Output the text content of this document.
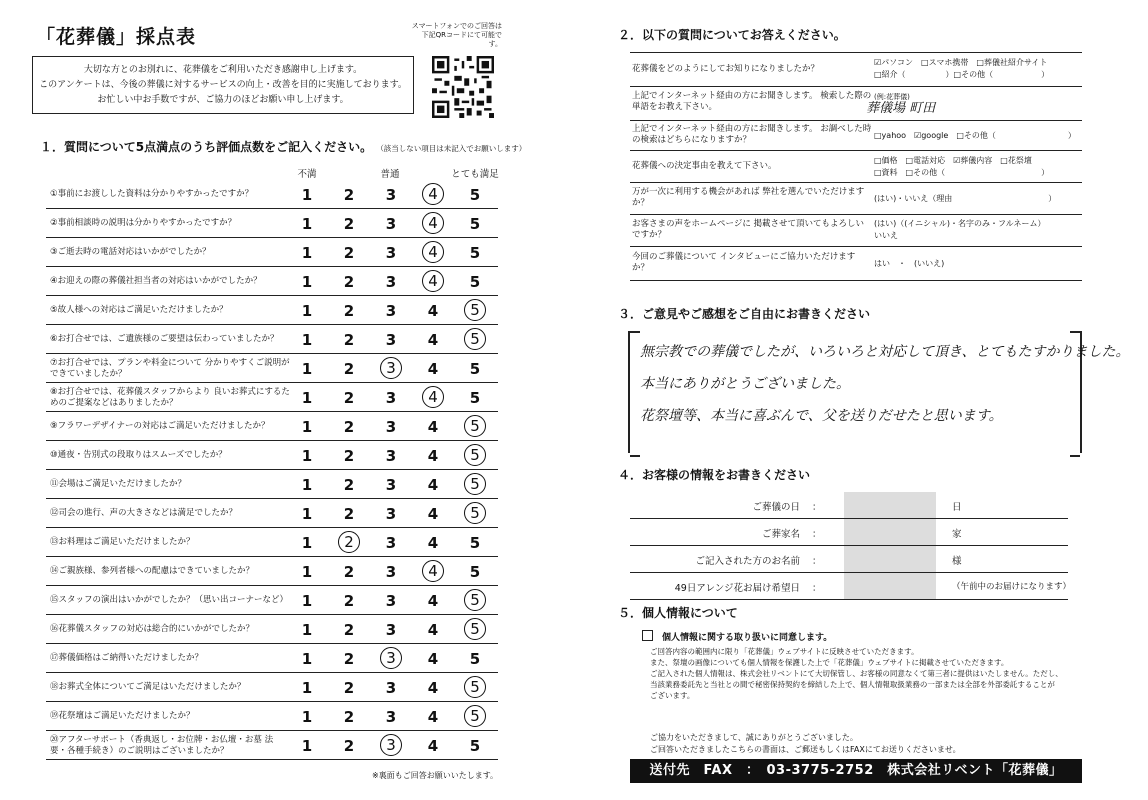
「花葬儀」採点表	スマートフォンでのご回答は下記QRコードにて可能です。
大切な方とのお別れに、花葬儀をご利用いただき感謝申し上げます。
このアンケートは、今後の葬儀に対するサービスの向上・改善を目的に実施しております。
お忙しい中お手数ですが、ご協力のほどお願い申し上げます。
１．質問について5点満点のうち評価点数をご記入ください。 （該当しない項目は未記入でお願いします）
不満	普通	とても満足
①事前にお渡しした資料は分かりやすかったですか？	1	2	3	4	5
②事前相談時の説明は分かりやすかったですか？	1	2	3	4	5
③ご逝去時の電話対応はいかがでしたか？	1	2	3	4	5
④お迎えの際の葬儀社担当者の対応はいかがでしたか？	1	2	3	4	5
⑤故人様への対応はご満足いただけましたか？	1	2	3	4	5
⑥お打合せでは、ご遺族様のご要望は伝わっていましたか？	1	2	3	4	5
⑦お打合せでは、プランや料金について 分かりやすくご説明ができていましたか？	1	2	3	4	5
⑧お打合せでは、花葬儀スタッフからより 良いお葬式にするためのご提案などはありましたか？	1	2	3	4	5
⑨フラワーデザイナーの対応はご満足いただけましたか？	1	2	3	4	5
⑩通夜・告別式の段取りはスムーズでしたか？	1	2	3	4	5
⑪会場はご満足いただけましたか？	1	2	3	4	5
⑫司会の進行、声の大きさなどは満足でしたか？	1	2	3	4	5
⑬お料理はご満足いただけましたか？	1	2	3	4	5
⑭ご親族様、参列者様への配慮はできていましたか？	1	2	3	4	5
⑮スタッフの演出はいかがでしたか？（思い出コーナーなど） 1	2	3	4	5
⑯花葬儀スタッフの対応は総合的にいかがでしたか？	1	2	3	4	5
⑰葬儀価格はご納得いただけましたか？	1	2	3	4	5
⑱お葬式全体についてご満足はいただけましたか？	1	2	3	4	5
⑲花祭壇はご満足いただけましたか？	1	2	3	4	5
⑳アフターサポート（香典返し・お位牌・お仏壇・お墓 法要・各種手続き）のご説明はございましたか？	1	2	3	4	5
※裏面もご回答お願いいたします。
２．以下の質問についてお答えください。
花葬儀をどのようにしてお知りになりましたか？
☑パソコン　□スマホ携帯　□葬儀社紹介サイト
□紹介（　　　　　）□その他（　　　　　　）
上記でインターネット経由の方にお聞きします。 検索した際の単語をお教え下さい。
(例:花葬儀)
葬儀場 町田
上記でインターネット経由の方にお聞きします。 お調べした時の検索はどちらになりますか？	□yahoo　☑google　□その他（　　　　　　　　　）
花葬儀への決定事由を教えて下さい。
□価格　□電話対応　☑葬儀内容　□花祭壇
□資料　□その他（　　　　　　　　　　　　）
万が一次に利用する機会があれば 弊社を選んでいただけますか？	(はい)・いいえ（理由　　　　　　　　　　　　）
お客さまの声をホームページに 掲載させて頂いてもよろしいですか？
(はい)（(イニシャル)・名字のみ・フルネーム）
いいえ
今回のご葬儀について インタビューにご協力いただけますか？	はい　・　(いいえ)
３．ご意見やご感想をご自由にお書きください
無宗教での葬儀でしたが、いろいろと対応して頂き、とてもたすかりました。
本当にありがとうございました。
花祭壇等、本当に喜ぶんで、父を送りだせたと思います。
４．お客様の情報をお書きください
ご葬儀の日 ：	日
ご葬家名 ：	家
ご記入された方のお名前 ：	様
49日アレンジ花お届け希望日 ：	（午前中のお届けになります）
５．個人情報について
個人情報に関する取り扱いに同意します。
ご回答内容の範囲内に限り「花葬儀」ウェブサイトに反映させていただきます。
また、祭壇の画像についても個人情報を保護した上で「花葬儀」ウェブサイトに掲載させていただきます。
ご記入された個人情報は、株式会社リベントにて大切保管し、お客様の同意なくて第三者に提供はいたしません。ただし、
当該業務委託先と当社との間で秘密保持契約を締結した上で、個人情報取扱業務の一部または全部を外部委託することが
ございます。
ご協力をいただきまして、誠にありがとうございました。
ご回答いただきましたこちらの書面は、ご郵送もしくはFAXにてお送りくださいませ。
送付先　FAX　：　03-3775-2752　株式会社リベント「花葬儀」
